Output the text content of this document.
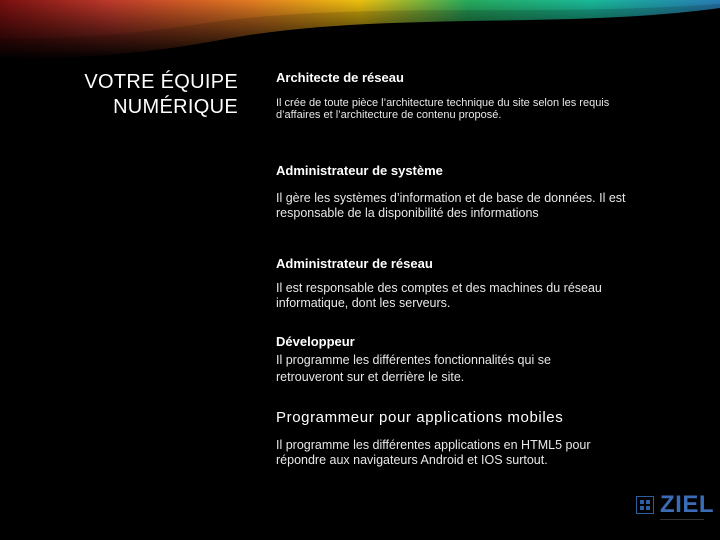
VOTRE ÉQUIPE
NUMÉRIQUE

Architecte de réseau

Il crée de toute pièce l’architecture technique du site selon les requis d’affaires et l’architecture de contenu proposé.

Administrateur de système

Il gère les systèmes d’information et de base de données. Il est responsable de la disponibilité des informations

Administrateur de réseau

Il est responsable des comptes et des machines du réseau informatique, dont les serveurs.

Développeur

Il programme les différentes fonctionnalités qui se retrouveront sur et derrière le site.

Programmeur pour applications mobiles

Il programme les différentes applications en HTML5 pour répondre aux navigateurs Android et IOS surtout.

ZIEL
